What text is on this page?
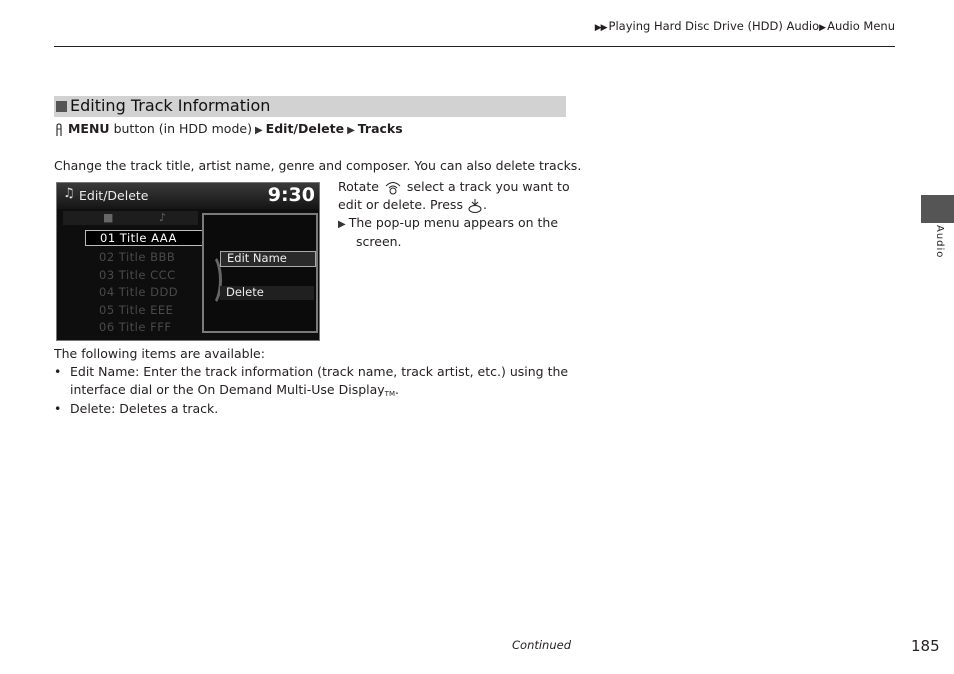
▶▶ Playing Hard Disc Drive (HDD) Audio▶ Audio Menu
Editing Track Information
MENU button (in HDD mode) ▶ Edit/Delete ▶ Tracks
Change the track title, artist name, genre and composer. You can also delete tracks.
♫ Edit/Delete	9:30
■	♪
01 Title AAA
02 Title BBB
03 Title CCC
04 Title DDD
05 Title EEE
06 Title FFF
Edit Name
Delete
Rotate select a track you want to
edit or delete. Press .
▶ The pop-up menu appears on the
screen.
The following items are available:
• Edit Name: Enter the track information (track name, track artist, etc.) using the
interface dial or the On Demand Multi-Use DisplayTM.
• Delete: Deletes a track.
Audio
Continued	185
